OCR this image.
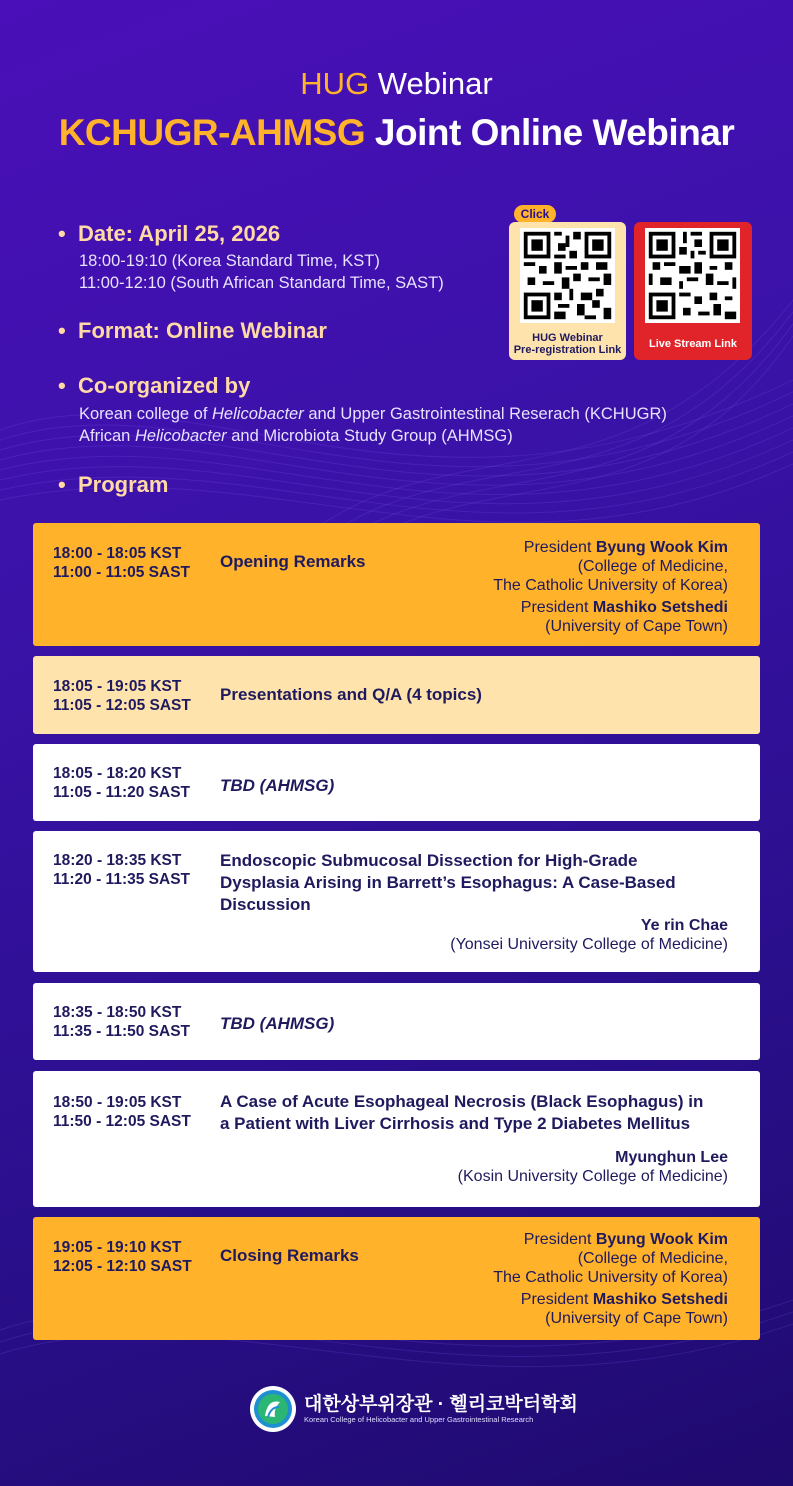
HUG Webinar
KCHUGR-AHMSG Joint Online Webinar
• Date: April 25, 2026
18:00-19:10 (Korea Standard Time, KST)
11:00-12:10 (South African Standard Time, SAST)
• Format: Online Webinar
• Co-organized by
Korean college of Helicobacter and Upper Gastrointestinal Reserach (KCHUGR)
African Helicobacter and Microbiota Study Group (AHMSG)
• Program
Click
HUG Webinar
Pre-registration Link	Live Stream Link
18:00 - 18:05 KST
11:00 - 11:05 SAST
Opening Remarks
President Byung Wook Kim
(College of Medicine,
The Catholic University of Korea)
President Mashiko Setshedi
(University of Cape Town)
18:05 - 19:05 KST
11:05 - 12:05 SAST
Presentations and Q/A (4 topics)
18:05 - 18:20 KST
11:05 - 11:20 SAST TBD (AHMSG)
18:20 - 18:35 KST
11:20 - 11:35 SAST
Endoscopic Submucosal Dissection for High-Grade
Dysplasia Arising in Barrett’s Esophagus: A Case-Based
Discussion
Ye rin Chae
(Yonsei University College of Medicine)
18:35 - 18:50 KST
11:35 - 11:50 SAST TBD (AHMSG)
18:50 - 19:05 KST
11:50 - 12:05 SAST
A Case of Acute Esophageal Necrosis (Black Esophagus) in
a Patient with Liver Cirrhosis and Type 2 Diabetes Mellitus
Myunghun Lee
(Kosin University College of Medicine)
19:05 - 19:10 KST
12:05 - 12:10 SAST
Closing Remarks
President Byung Wook Kim
(College of Medicine,
The Catholic University of Korea)
President Mashiko Setshedi
(University of Cape Town)
대한상부위장관 · 헬리코박터학회
Korean College of Helicobacter and Upper Gastrointestinal Research
